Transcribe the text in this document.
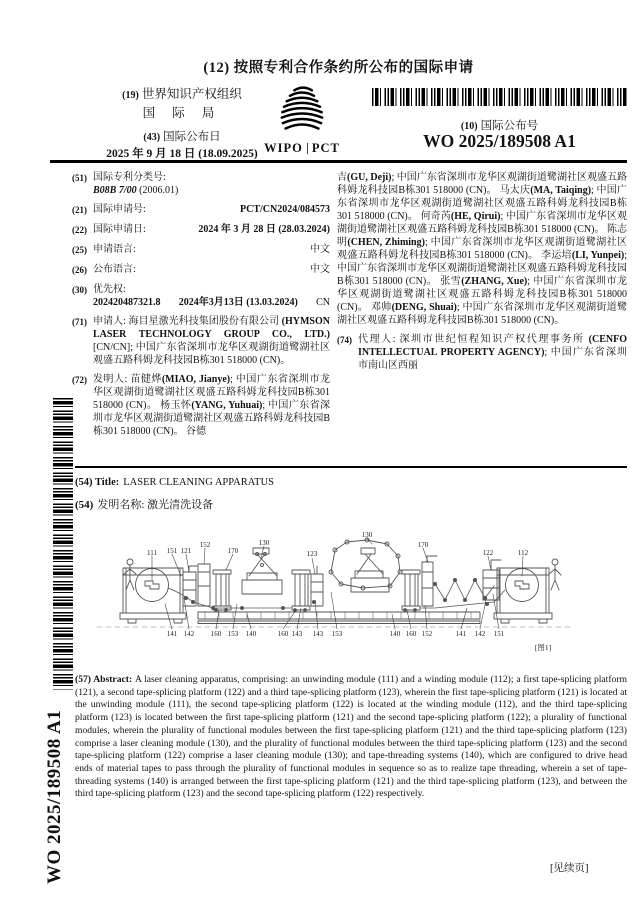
(12) 按照专利合作条约所公布的国际申请
(19) 世界知识产权组织
国 际 局
(43) 国际公布日
2025 年 9 月 18 日 (18.09.2025) WIPO PCT
(10) 国际公布号
WO 2025/189508 A1
(51) 国际专利分类号:
B08B 7/00 (2006.01)
(21) 国际申请号:	PCT/CN2024/084573
(22) 国际申请日:	2024 年 3 月 28 日 (28.03.2024)
(25) 申请语言:	中文
(26) 公布语言:	中文
(30) 优先权:
202420487321.8 2024年3月13日 (13.03.2024) CN
(71) 申请人: 海目星激光科技集团股份有限公司 (HYMSON LASER TECHNOLOGY GROUP CO., LTD.) [CN/CN]; 中国广东省深圳市龙华区观湖街道鹭湖社区观盛五路科姆龙科技园B栋301 518000 (CN)。
(72) 发明人: 苗健烨(MIAO, Jianye); 中国广东省深圳市龙华区观湖街道鹭湖社区观盛五路科姆龙科技园B栋301 518000 (CN)。 杨玉怀(YANG, Yuhuai); 中国广东省深圳市龙华区观湖街道鹭湖社区观盛五路科姆龙科技园B栋301 518000 (CN)。 谷德

吉(GU, Deji); 中国广东省深圳市龙华区观湖街道鹭湖社区观盛五路科姆龙科技园B栋301 518000 (CN)。 马太庆(MA, Taiqing); 中国广东省深圳市龙华区观湖街道鹭湖社区观盛五路科姆龙科技园B栋301 518000 (CN)。 何奇芮(HE, Qirui); 中国广东省深圳市龙华区观湖街道鹭湖社区观盛五路科姆龙科技园B栋301 518000 (CN)。 陈志明(CHEN, Zhiming); 中国广东省深圳市龙华区观湖街道鹭湖社区观盛五路科姆龙科技园B栋301 518000 (CN)。 李运培(LI, Yunpei); 中国广东省深圳市龙华区观湖街道鹭湖社区观盛五路科姆龙科技园B栋301 518000 (CN)。 张雪(ZHANG, Xue); 中国广东省深圳市龙华区观湖街道鹭湖社区观盛五路科姆龙科技园B栋301 518000 (CN)。 邓帅(DENG, Shuai); 中国广东省深圳市龙华区观湖街道鹭湖社区观盛五路科姆龙科技园B栋301 518000 (CN)。

(74) 代理人: 深圳市世纪恒程知识产权代理事务所 (CENFO INTELLECTUAL PROPERTY AGENCY); 中国广东省深圳市南山区西丽
(54) Title: LASER CLEANING APPARATUS
(54) 发明名称: 激光清洗设备
111 151 121
152
170
130
123
130
170
122	112
141 142 160 153 140	160 143 143 153	140 160 152	141 142 151
[图1]

(57) Abstract: A laser cleaning apparatus, comprising: an unwinding module (111) and a winding module (112); a first tape-splicing platform (121), a second tape-splicing platform (122) and a third tape-splicing platform (123), wherein the first tape-splicing platform (121) is located at the unwinding module (111), the second tape-splicing platform (122) is located at the winding module (112), and the third tape-splicing platform (123) is located between the first tape-splicing platform (121) and the second tape-splicing platform (122); a plurality of functional modules, wherein the plurality of functional modules between the first tape-splicing platform (121) and the third tape-splicing platform (123) comprise a laser cleaning module (130), and the plurality of functional modules between the third tape-splicing platform (123) and the second tape-splicing platform (122) comprise a laser cleaning module (130); and tape-threading systems (140), which are configured to drive head ends of material tapes to pass through the plurality of functional modules in sequence so as to realize tape threading, wherein a set of tape-threading systems (140) is arranged between the first tape-splicing platform (121) and the third tape-splicing platform (123), and between the third tape-splicing platform (123) and the second tape-splicing platform (122) respectively.

WO 2025/189508 A1	[见续页]
